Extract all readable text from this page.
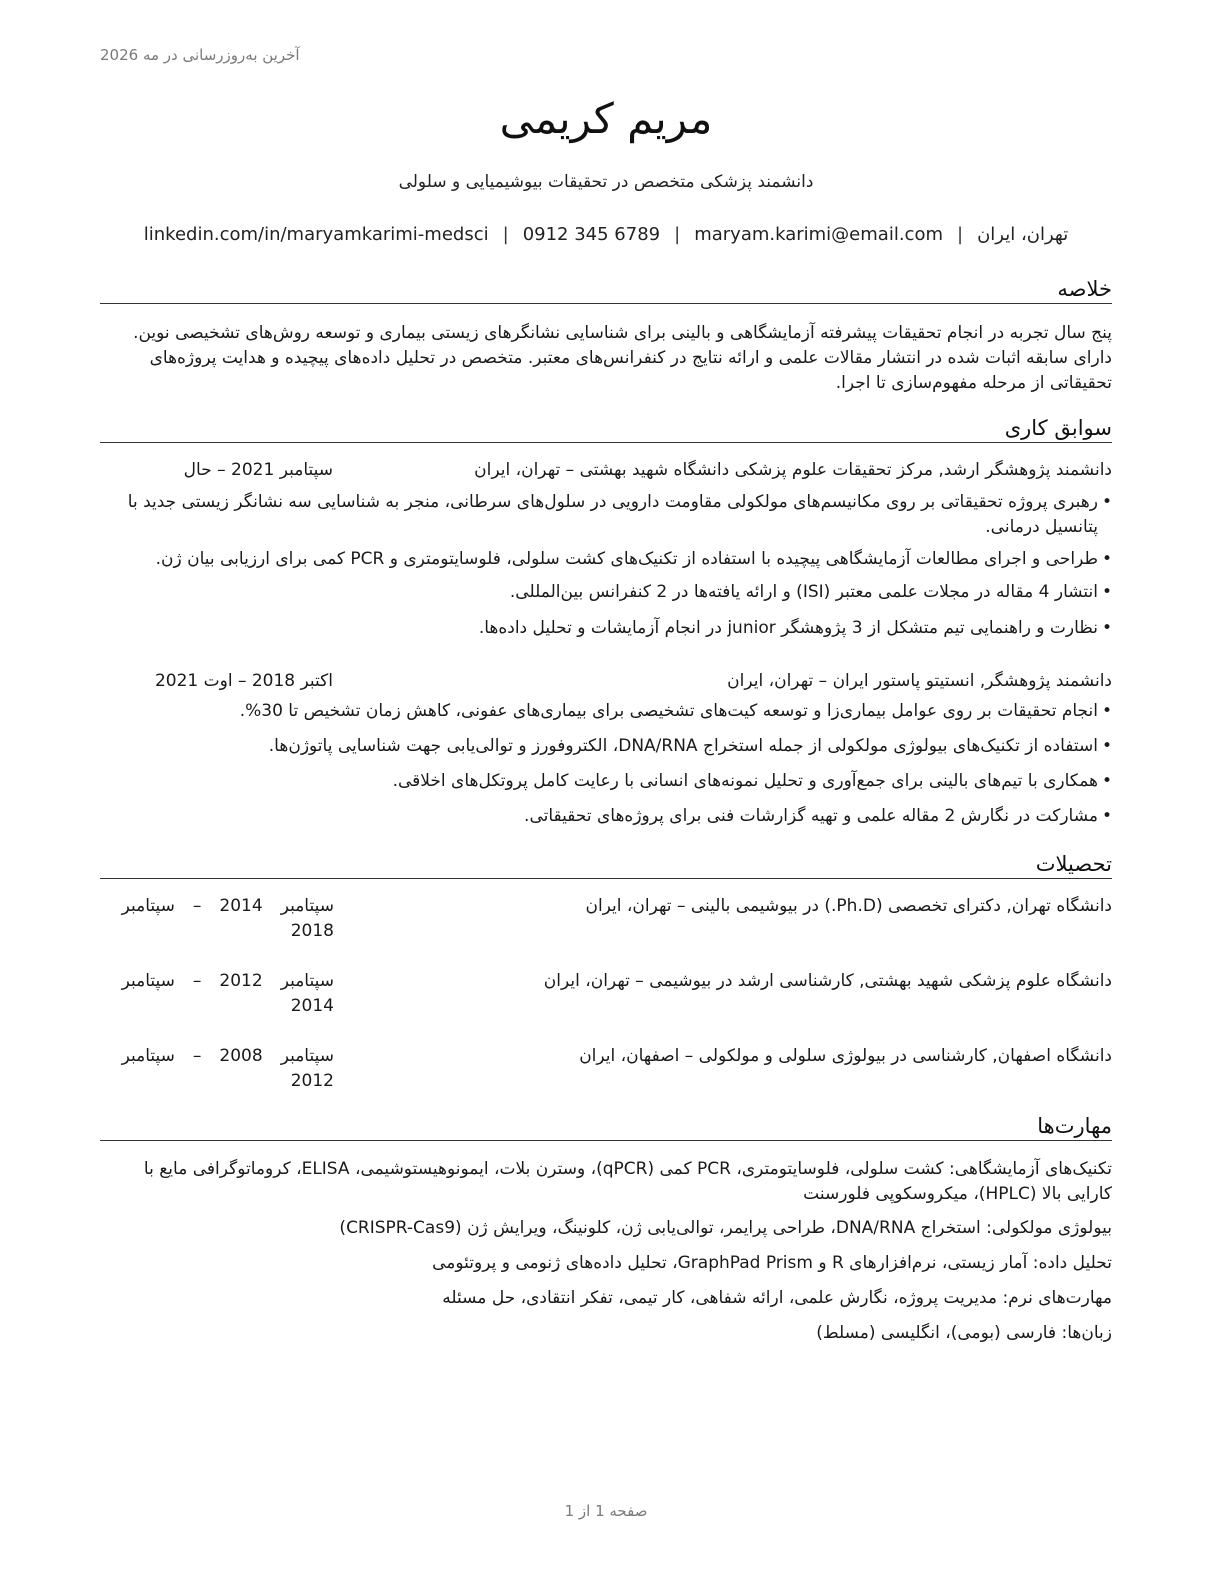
آخرین به‌روزرسانی در مه 2026
مریم کریمی
دانشمند پزشکی متخصص در تحقیقات بیوشیمیایی و سلولی
تهران، ایران|maryam.karimi@email.com|0912 345 6789|linkedin.com/in/maryamkarimi-medsci
خلاصه
پنج سال تجربه در انجام تحقیقات پیشرفته آزمایشگاهی و بالینی برای شناسایی نشانگرهای زیستی بیماری و توسعه روش‌های تشخیصی نوین. دارای سابقه اثبات شده در انتشار مقالات علمی و ارائه نتایج در کنفرانس‌های معتبر. متخصص در تحلیل داده‌های پیچیده و هدایت پروژه‌های تحقیقاتی از مرحله مفهوم‌سازی تا اجرا.
سوابق کاری
دانشمند پژوهشگر ارشد, مرکز تحقیقات علوم پزشکی دانشگاه شهید بهشتی – تهران، ایران
سپتامبر 2021 – حال
• رهبری پروژه تحقیقاتی بر روی مکانیسم‌های مولکولی مقاومت دارویی در سلول‌های سرطانی، منجر به شناسایی سه نشانگر زیستی جدید با پتانسیل درمانی.
• طراحی و اجرای مطالعات آزمایشگاهی پیچیده با استفاده از تکنیک‌های کشت سلولی، فلوسایتومتری و PCR کمی برای ارزیابی بیان ژن.
• انتشار 4 مقاله در مجلات علمی معتبر (ISI) و ارائه یافته‌ها در 2 کنفرانس بین‌المللی.
• نظارت و راهنمایی تیم متشکل از 3 پژوهشگر junior در انجام آزمایشات و تحلیل داده‌ها.
دانشمند پژوهشگر, انستیتو پاستور ایران – تهران، ایران
اکتبر 2018 – اوت 2021
• انجام تحقیقات بر روی عوامل بیماری‌زا و توسعه کیت‌های تشخیصی برای بیماری‌های عفونی، کاهش زمان تشخیص تا 30%.
• استفاده از تکنیک‌های بیولوژی مولکولی از جمله استخراج DNA/RNA، الکتروفورز و توالی‌یابی جهت شناسایی پاتوژن‌ها.
• همکاری با تیم‌های بالینی برای جمع‌آوری و تحلیل نمونه‌های انسانی با رعایت کامل پروتکل‌های اخلاقی.
• مشارکت در نگارش 2 مقاله علمی و تهیه گزارشات فنی برای پروژه‌های تحقیقاتی.
تحصیلات
دانشگاه تهران, دکترای تخصصی (Ph.D.) در بیوشیمی بالینی – تهران، ایران
سپتامبر2014–سپتامبر
2018
دانشگاه علوم پزشکی شهید بهشتی, کارشناسی ارشد در بیوشیمی – تهران، ایران
سپتامبر2012–سپتامبر
2014
دانشگاه اصفهان, کارشناسی در بیولوژی سلولی و مولکولی – اصفهان، ایران
سپتامبر2008–سپتامبر
2012
مهارت‌ها
تکنیک‌های آزمایشگاهی: کشت سلولی، فلوسایتومتری، PCR کمی (qPCR)، وسترن بلات، ایمونوهیستوشیمی، ELISA، کروماتوگرافی مایع با کارایی بالا (HPLC)، میکروسکوپی فلورسنت
بیولوژی مولکولی: استخراج DNA/RNA، طراحی پرایمر، توالی‌یابی ژن، کلونینگ، ویرایش ژن (CRISPR-Cas9)
تحلیل داده: آمار زیستی، نرم‌افزارهای R و GraphPad Prism، تحلیل داده‌های ژنومی و پروتئومی
مهارت‌های نرم: مدیریت پروژه، نگارش علمی، ارائه شفاهی، کار تیمی، تفکر انتقادی، حل مسئله
زبان‌ها: فارسی (بومی)، انگلیسی (مسلط)
صفحه 1 از 1
